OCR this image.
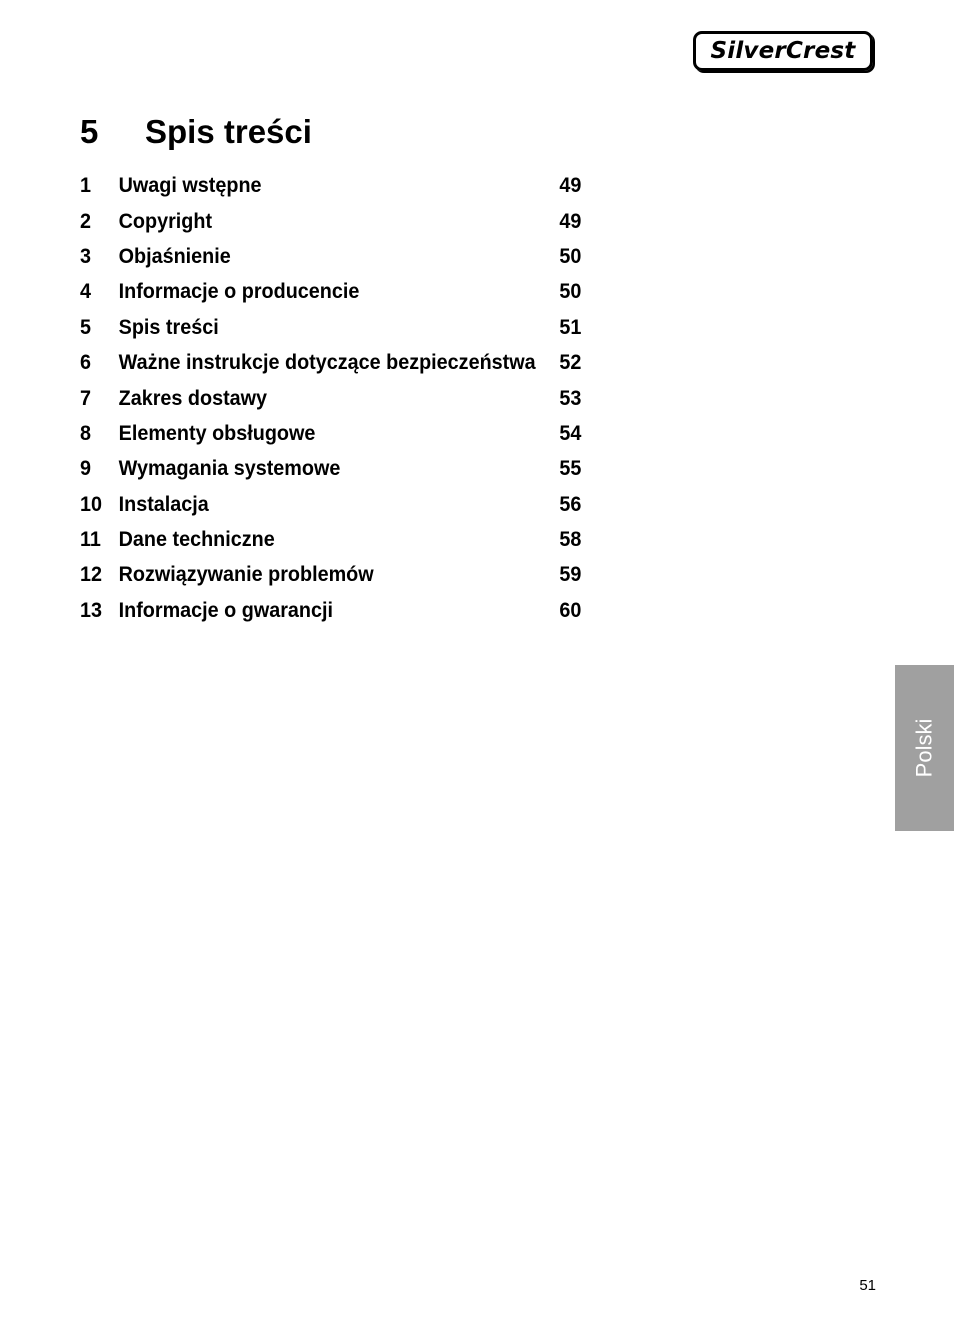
SilverCrest
5	Spis treści
1	Uwagi wstępne	49
2	Copyright	49
3	Objaśnienie	50
4	Informacje o producencie	50
5	Spis treści	51
6	Ważne instrukcje dotyczące bezpieczeństwa	52
7	Zakres dostawy	53
8	Elementy obsługowe	54
9	Wymagania systemowe	55
10 Instalacja	56
11 Dane techniczne	58
12 Rozwiązywanie problemów	59
13 Informacje o gwarancji	60
Polski
51
